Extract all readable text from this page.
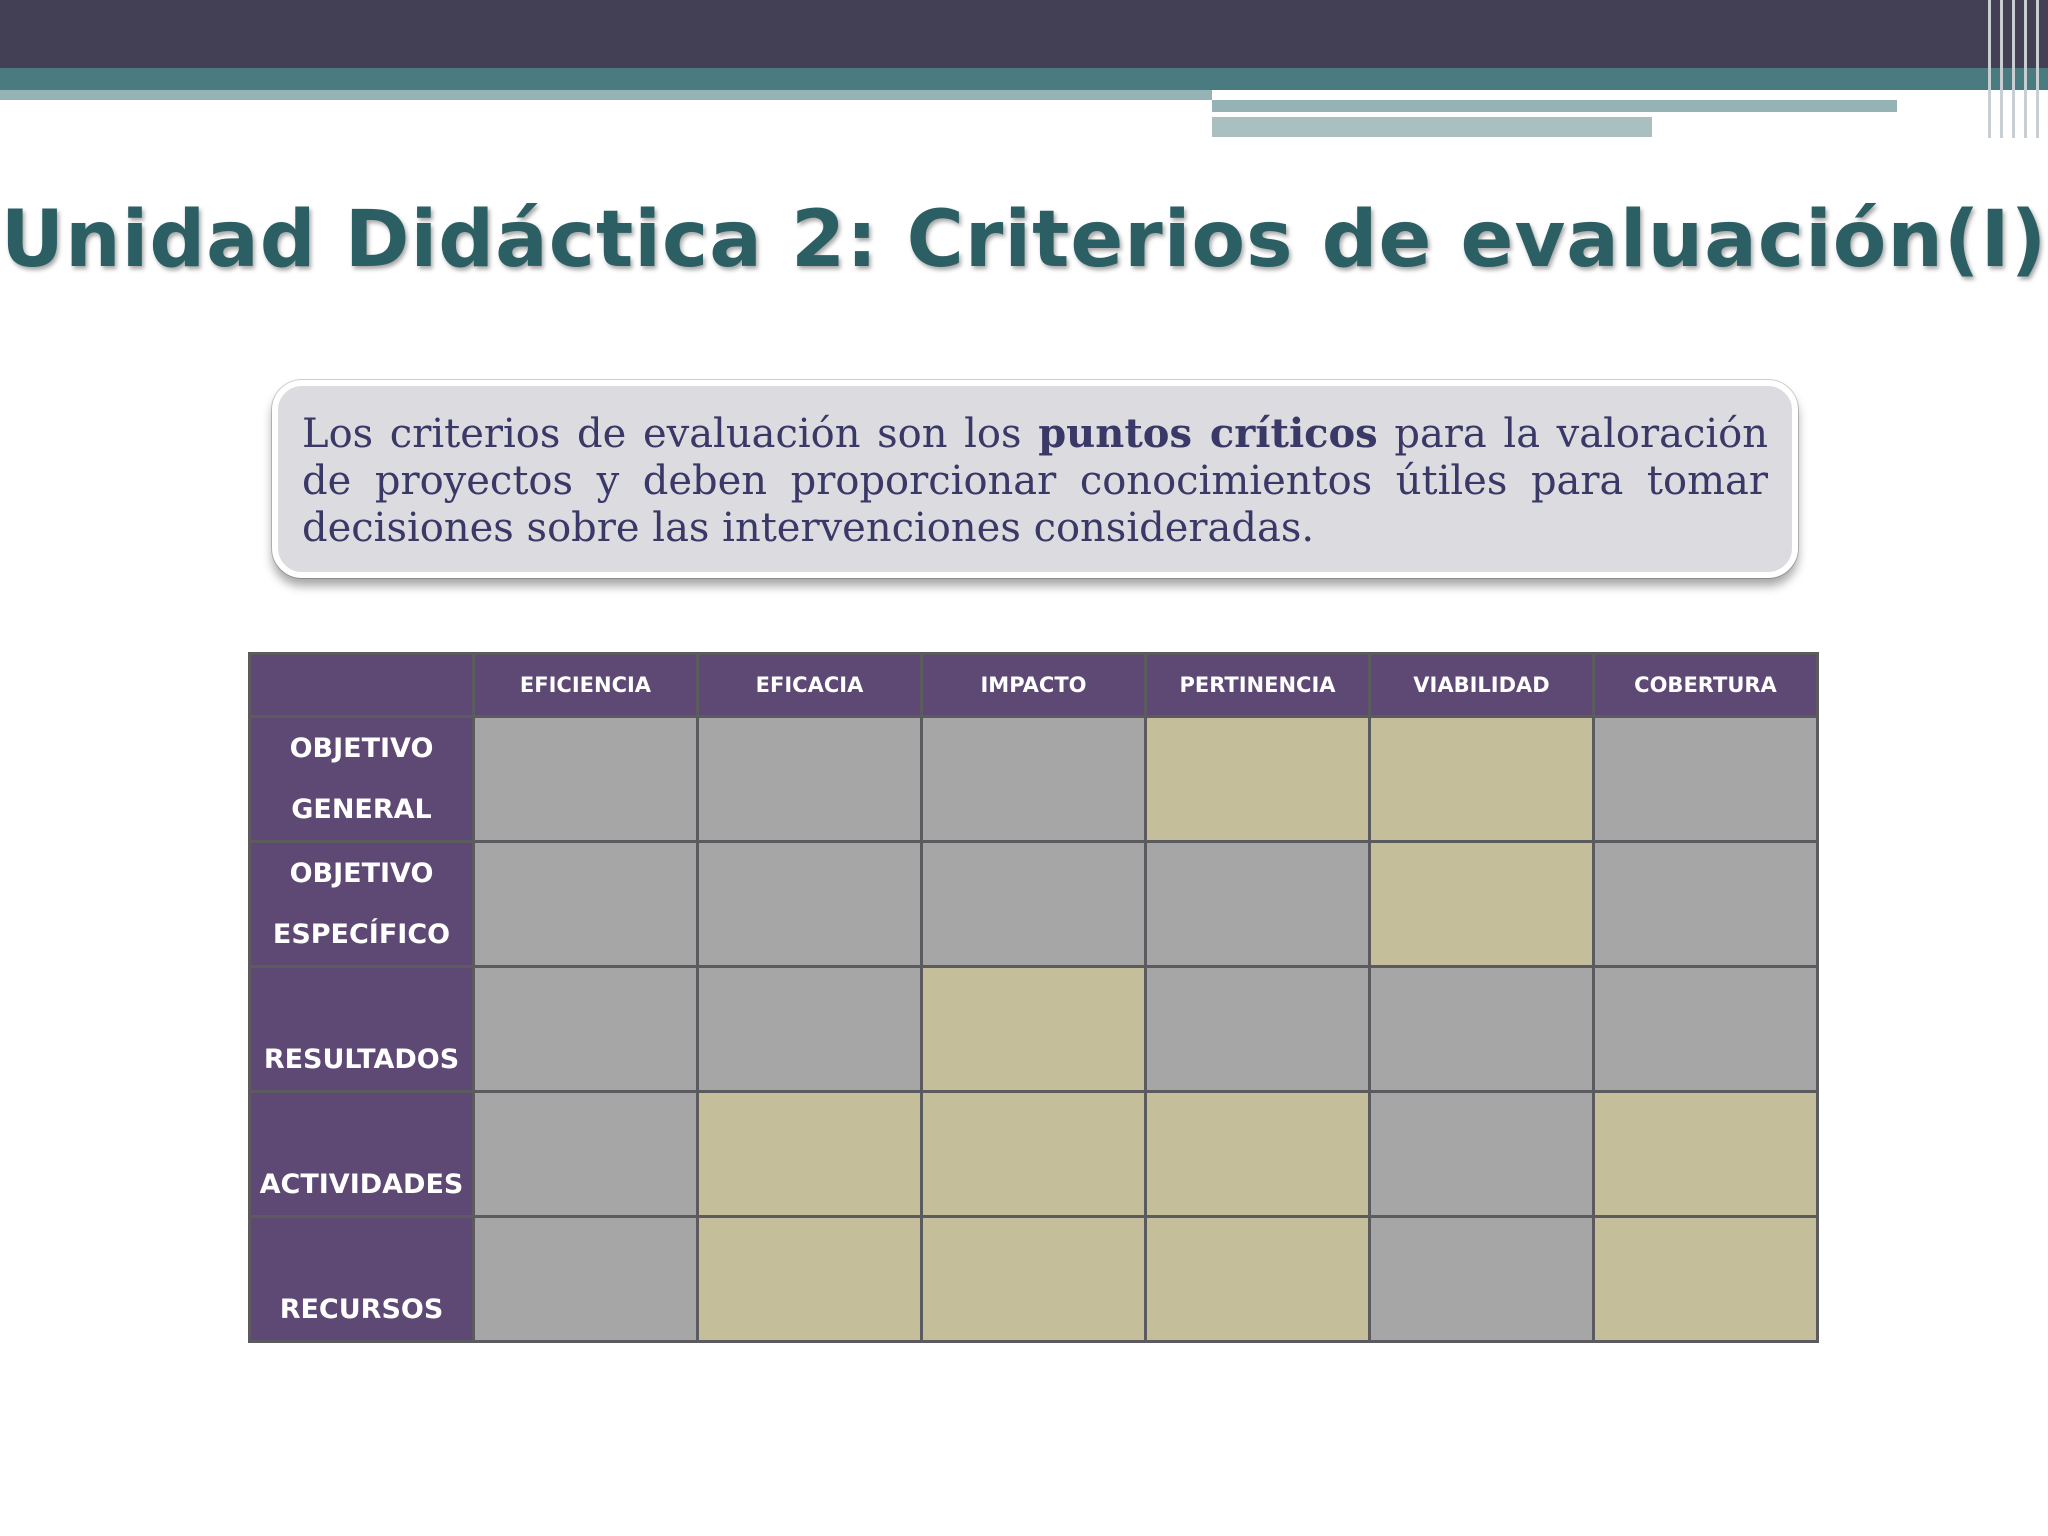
Unidad Didáctica 2: Criterios de evaluación(I)

Los criterios de evaluación son los puntos críticos para la valoración de proyectos y deben proporcionar conocimientos útiles para tomar decisiones sobre las intervenciones consideradas.

	EFICIENCIA	EFICACIA	IMPACTO	PERTINENCIA	VIABILIDAD	COBERTURA

OBJETIVO
GENERAL						

OBJETIVO
ESPECÍFICO						

RESULTADOS						

ACTIVIDADES						

RECURSOS						
